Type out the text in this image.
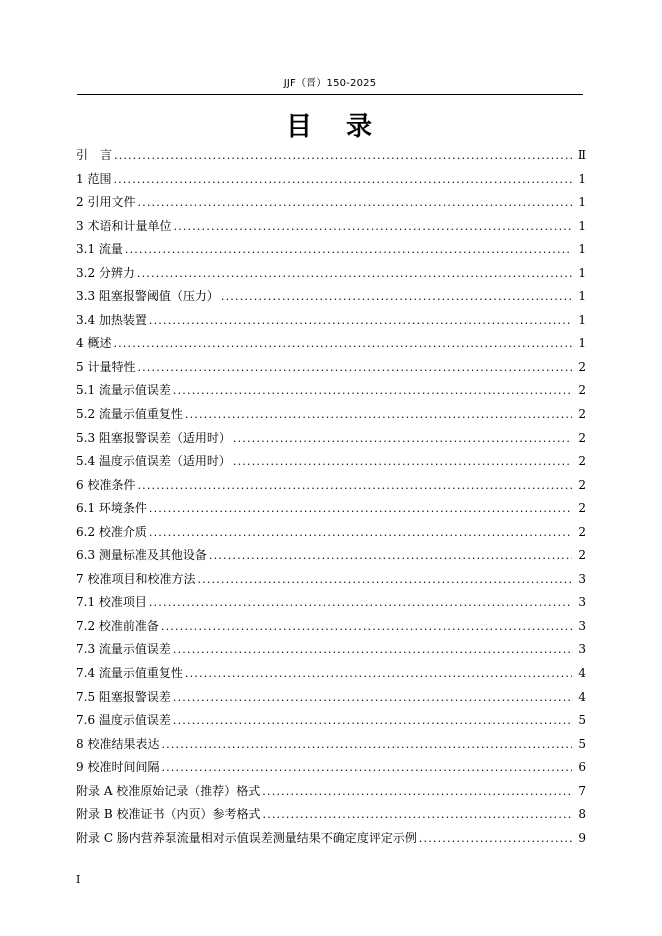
JJF（晋）150-2025
目 录
引　言 .....	Ⅱ
1 范围 .....	1
2 引用文件 .....	1
3 术语和计量单位 .....	1
3.1 流量 .....	1
3.2 分辨力 .....	1
3.3 阻塞报警阈值（压力） .....	1
3.4 加热装置 .....	1
4 概述 .....	1
5 计量特性 .....	2
5.1 流量示值误差 .....	2
5.2 流量示值重复性 .....	2
5.3 阻塞报警误差（适用时） .....	2
5.4 温度示值误差（适用时） .....	2
6 校准条件 .....	2
6.1 环境条件 .....	2
6.2 校准介质 .....	2
6.3 测量标准及其他设备 .....	2
7 校准项目和校准方法 .....	3
7.1 校准项目 .....	3
7.2 校准前准备 .....	3
7.3 流量示值误差 .....	3
7.4 流量示值重复性 .....	4
7.5 阻塞报警误差 .....	4
7.6 温度示值误差 .....	5
8 校准结果表达 .....	5
9 校准时间间隔 .....	6
附录 A 校准原始记录（推荐）格式 .....	7
附录 B 校准证书（内页）参考格式 .....	8
附录 C 肠内营养泵流量相对示值误差测量结果不确定度评定示例 .....	9
I
